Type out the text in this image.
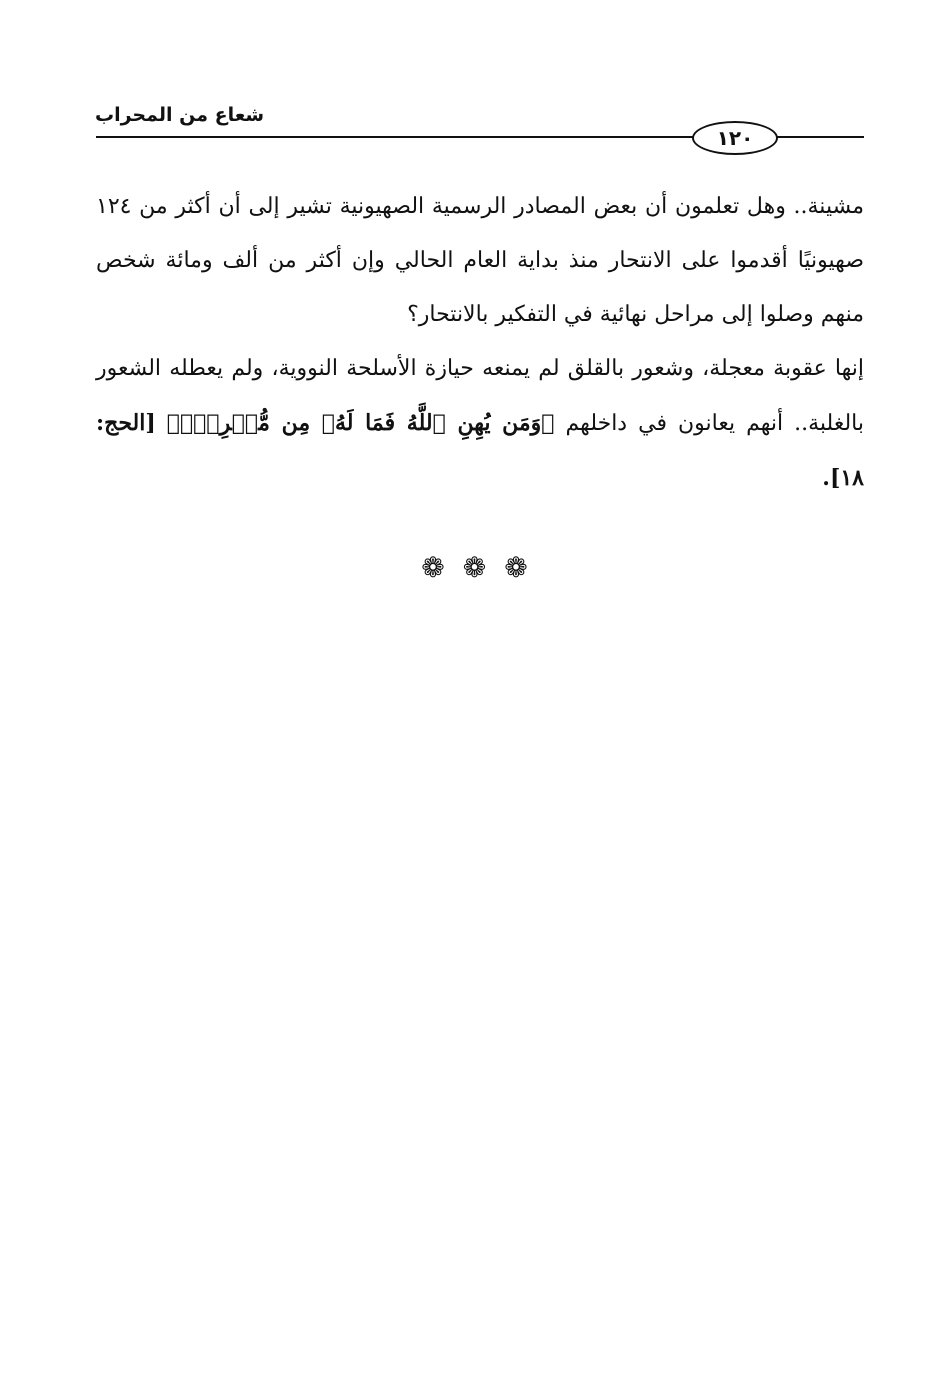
شعاع من المحراب
١٢٠

مشينة.. وهل تعلمون أن بعض المصادر الرسمية الصهيونية تشير إلى أن أكثر من ١٢٤ صهيونيًا أقدموا على الانتحار منذ بداية العام الحالي وإن أكثر من ألف ومائة شخص منهم وصلوا إلى مراحل نهائية في التفكير بالانتحار؟

إنها عقوبة معجلة، وشعور بالقلق لم يمنعه حيازة الأسلحة النووية، ولم يعطله الشعور بالغلبة.. أنهم يعانون في داخلهم ﴿وَمَن يُهِنِ ٱللَّهُ فَمَا لَهُۥ مِن مُّكۡرِمٍۚ﴾ [الحج: ١٨].

❁ ❁ ❁
